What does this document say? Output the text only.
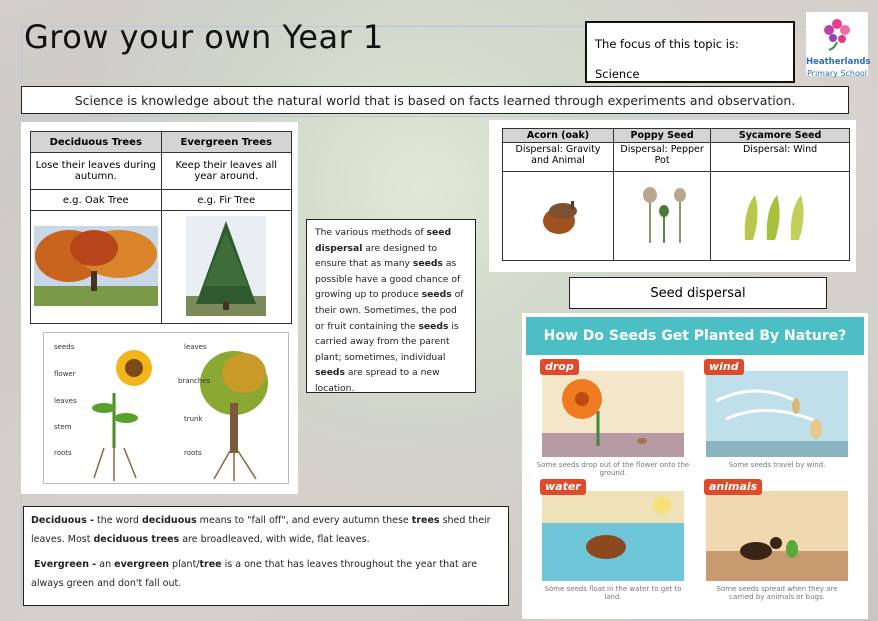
Grow your own Year 1	The focus of this topic is:
Science
Heatherlands
Primary School
Science is knowledge about the natural world that is based on facts learned through experiments and observation.
Deciduous Trees	Evergreen Trees
Lose their leaves during autumn.	Keep their leaves all year around.
e.g. Oak Tree	e.g. Fir Tree

seeds
flower
leaves
stem
roots
leaves
branches
trunk
roots
The various methods of seed dispersal are designed to ensure that as many seeds as possible have a good chance of growing up to produce seeds of their own. Sometimes, the pod or fruit containing the seeds is carried away from the parent plant; sometimes, individual seeds are spread to a new location.
Acorn (oak)	Poppy Seed	Sycamore Seed
Dispersal: Gravity and Animal	Dispersal: Pepper Pot	Dispersal: Wind

Seed dispersal
How Do Seeds Get Planted By Nature?
drop
Some seeds drop out of the flower onto the ground.
wind
Some seeds travel by wind.
water
Some seeds float in the water to get to land.
animals
Some seeds spread when they are carried by animals or bugs.
Deciduous - the word deciduous means to "fall off", and every autumn these trees shed their leaves. Most deciduous trees are broadleaved, with wide, flat leaves.
Evergreen - an evergreen plant/tree is a one that has leaves throughout the year that are always green and don't fall out.
